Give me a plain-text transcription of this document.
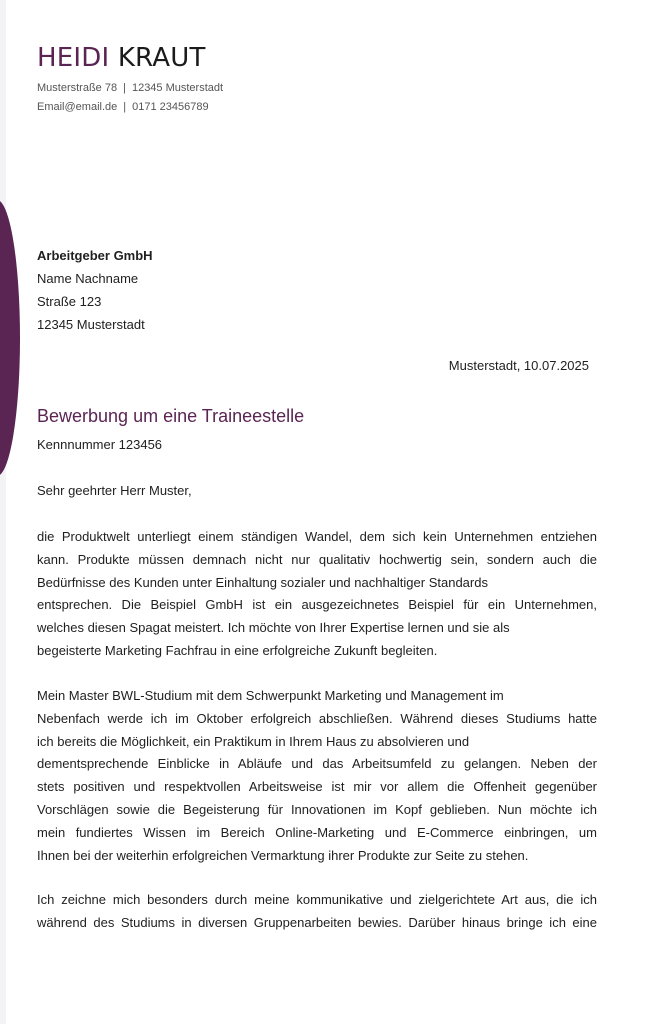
HEIDI KRAUT
Musterstraße 78 | 12345 Musterstadt
Email@email.de | 0171 23456789
Arbeitgeber GmbH
Name Nachname
Straße 123
12345 Musterstadt
Musterstadt, 10.07.2025
Bewerbung um eine Traineestelle
Kennnummer 123456
Sehr geehrter Herr Muster,
die Produktwelt unterliegt einem ständigen Wandel, dem sich kein Unternehmen entziehen
kann. Produkte müssen demnach nicht nur qualitativ hochwertig sein, sondern auch die
Bedürfnisse des Kunden unter Einhaltung sozialer und nachhaltiger Standards
entsprechen. Die Beispiel GmbH ist ein ausgezeichnetes Beispiel für ein Unternehmen,
welches diesen Spagat meistert. Ich möchte von Ihrer Expertise lernen und sie als
begeisterte Marketing Fachfrau in eine erfolgreiche Zukunft begleiten.
Mein Master BWL-Studium mit dem Schwerpunkt Marketing und Management im
Nebenfach werde ich im Oktober erfolgreich abschließen. Während dieses Studiums hatte
ich bereits die Möglichkeit, ein Praktikum in Ihrem Haus zu absolvieren und
dementsprechende Einblicke in Abläufe und das Arbeitsumfeld zu gelangen. Neben der
stets positiven und respektvollen Arbeitsweise ist mir vor allem die Offenheit gegenüber
Vorschlägen sowie die Begeisterung für Innovationen im Kopf geblieben. Nun möchte ich
mein fundiertes Wissen im Bereich Online-Marketing und E-Commerce einbringen, um
Ihnen bei der weiterhin erfolgreichen Vermarktung ihrer Produkte zur Seite zu stehen.
Ich zeichne mich besonders durch meine kommunikative und zielgerichtete Art aus, die ich
während des Studiums in diversen Gruppenarbeiten bewies. Darüber hinaus bringe ich eine
